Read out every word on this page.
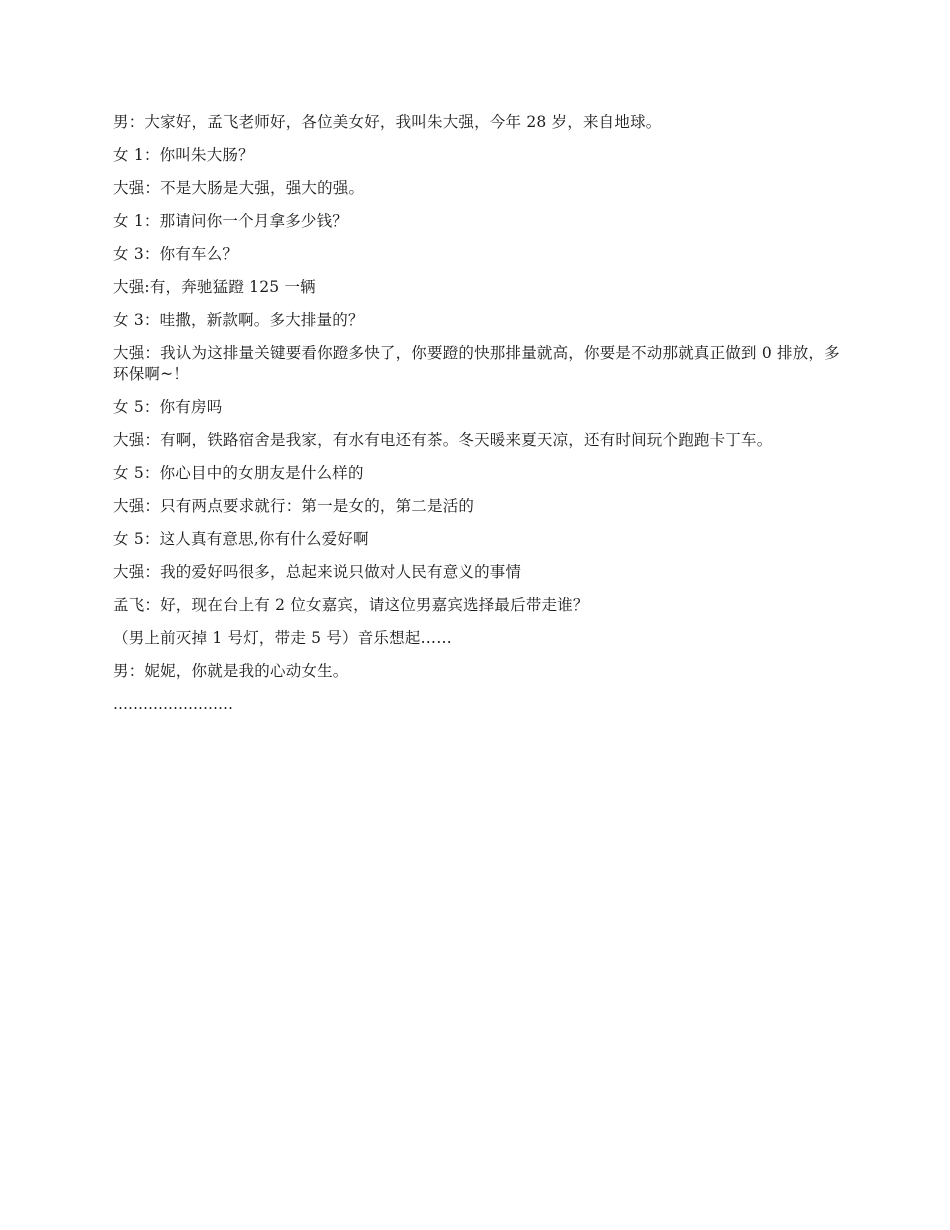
男：大家好，孟飞老师好，各位美女好，我叫朱大强，今年 28 岁，来自地球。

女 1：你叫朱大肠？

大强：不是大肠是大强，强大的强。

女 1：那请问你一个月拿多少钱？

女 3：你有车么？

大强:有，奔驰猛蹬 125 一辆

女 3：哇撒，新款啊。多大排量的？

大强：我认为这排量关键要看你蹬多快了，你要蹬的快那排量就高，你要是不动那就真正做到 0 排放，多环保啊~！

女 5：你有房吗

大强：有啊，铁路宿舍是我家，有水有电还有茶。冬天暖来夏天凉，还有时间玩个跑跑卡丁车。

女 5：你心目中的女朋友是什么样的

大强：只有两点要求就行：第一是女的，第二是活的

女 5：这人真有意思,你有什么爱好啊

大强：我的爱好吗很多，总起来说只做对人民有意义的事情

孟飞：好，现在台上有 2 位女嘉宾，请这位男嘉宾选择最后带走谁？

（男上前灭掉 1 号灯，带走 5 号）音乐想起……

男：妮妮，你就是我的心动女生。

……………………
